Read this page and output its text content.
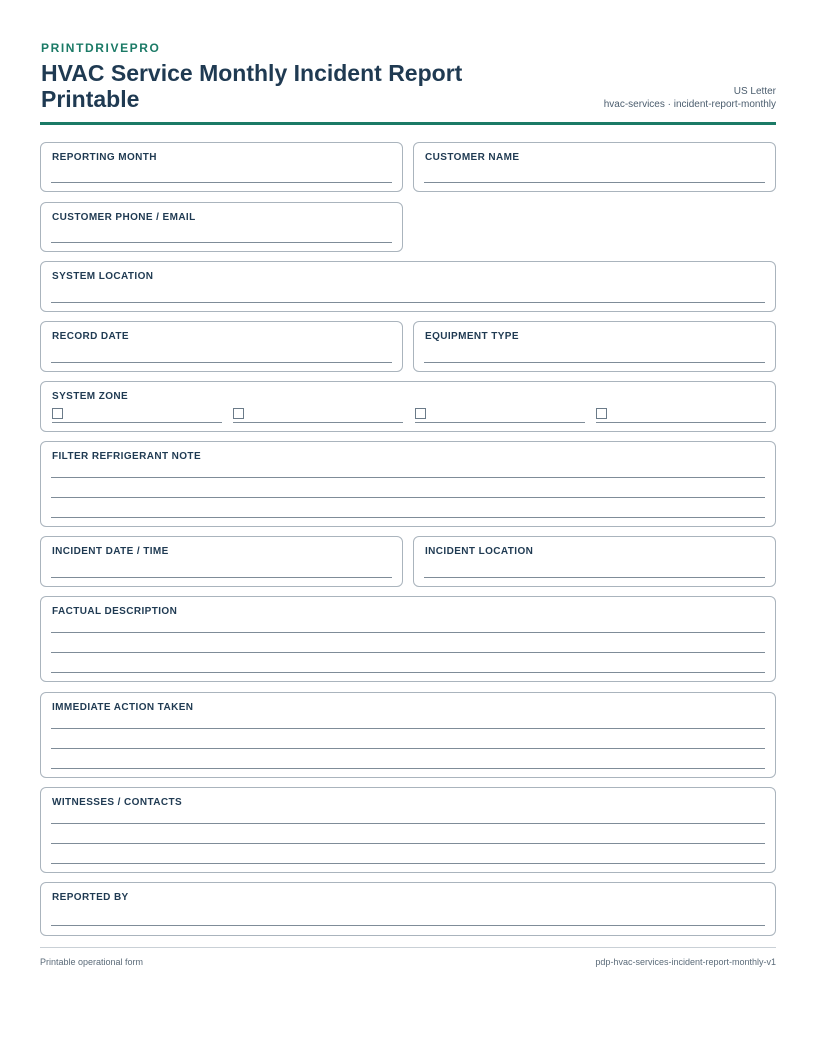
PRINTDRIVEPRO
HVAC Service Monthly Incident Report Printable	US Letter
hvac-services · incident-report-monthly
REPORTING MONTH	CUSTOMER NAME
CUSTOMER PHONE / EMAIL
SYSTEM LOCATION
RECORD DATE	EQUIPMENT TYPE
SYSTEM ZONE
FILTER REFRIGERANT NOTE
INCIDENT DATE / TIME	INCIDENT LOCATION
FACTUAL DESCRIPTION
IMMEDIATE ACTION TAKEN
WITNESSES / CONTACTS
REPORTED BY
Printable operational form	pdp-hvac-services-incident-report-monthly-v1
